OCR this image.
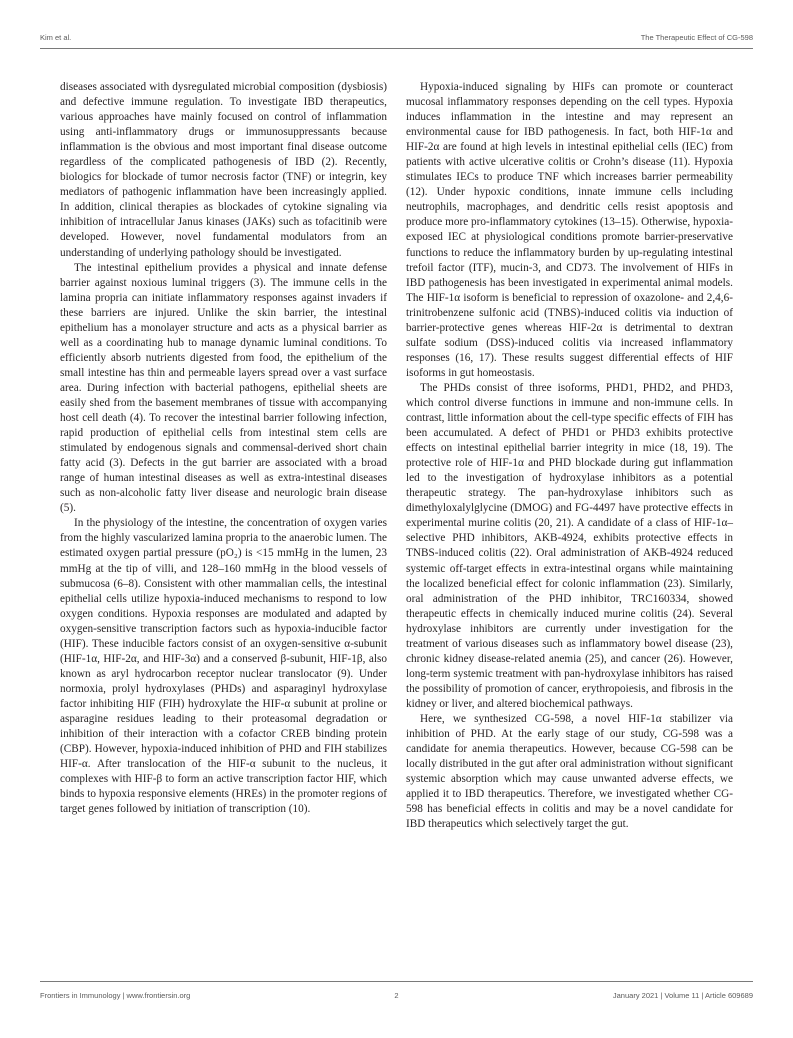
Kim et al.	The Therapeutic Effect of CG-598

diseases associated with dysregulated microbial composition (dysbiosis) and defective immune regulation. To investigate IBD therapeutics, various approaches have mainly focused on control of inflammation using anti-inflammatory drugs or immunosuppressants because inflammation is the obvious and most important final disease outcome regardless of the complicated pathogenesis of IBD (2). Recently, biologics for blockade of tumor necrosis factor (TNF) or integrin, key mediators of pathogenic inflammation have been increasingly applied. In addition, clinical therapies as blockades of cytokine signaling via inhibition of intracellular Janus kinases (JAKs) such as tofacitinib were developed. However, novel fundamental modulators from an understanding of underlying pathology should be investigated.

The intestinal epithelium provides a physical and innate defense barrier against noxious luminal triggers (3). The immune cells in the lamina propria can initiate inflammatory responses against invaders if these barriers are injured. Unlike the skin barrier, the intestinal epithelium has a monolayer structure and acts as a physical barrier as well as a coordinating hub to manage dynamic luminal conditions. To efficiently absorb nutrients digested from food, the epithelium of the small intestine has thin and permeable layers spread over a vast surface area. During infection with bacterial pathogens, epithelial sheets are easily shed from the basement membranes of tissue with accompanying host cell death (4). To recover the intestinal barrier following infection, rapid production of epithelial cells from intestinal stem cells are stimulated by endogenous signals and commensal-derived short chain fatty acid (3). Defects in the gut barrier are associated with a broad range of human intestinal diseases as well as extra-intestinal diseases such as non-alcoholic fatty liver disease and neurologic brain disease (5).

In the physiology of the intestine, the concentration of oxygen varies from the highly vascularized lamina propria to the anaerobic lumen. The estimated oxygen partial pressure (pO₂) is <15 mmHg in the lumen, 23 mmHg at the tip of villi, and 128–160 mmHg in the blood vessels of submucosa (6–8). Consistent with other mammalian cells, the intestinal epithelial cells utilize hypoxia-induced mechanisms to respond to low oxygen conditions. Hypoxia responses are modulated and adapted by oxygen-sensitive transcription factors such as hypoxia-inducible factor (HIF). These inducible factors consist of an oxygen-sensitive α-subunit (HIF-1α, HIF-2α, and HIF-3α) and a conserved β-subunit, HIF-1β, also known as aryl hydrocarbon receptor nuclear translocator (9). Under normoxia, prolyl hydroxylases (PHDs) and asparaginyl hydroxylase factor inhibiting HIF (FIH) hydroxylate the HIF-α subunit at proline or asparagine residues leading to their proteasomal degradation or inhibition of their interaction with a cofactor CREB binding protein (CBP). However, hypoxia-induced inhibition of PHD and FIH stabilizes HIF-α. After translocation of the HIF-α subunit to the nucleus, it complexes with HIF-β to form an active transcription factor HIF, which binds to hypoxia responsive elements (HREs) in the promoter regions of target genes followed by initiation of transcription (10).

Hypoxia-induced signaling by HIFs can promote or counteract mucosal inflammatory responses depending on the cell types. Hypoxia induces inflammation in the intestine and may represent an environmental cause for IBD pathogenesis. In fact, both HIF-1α and HIF-2α are found at high levels in intestinal epithelial cells (IEC) from patients with active ulcerative colitis or Crohn’s disease (11). Hypoxia stimulates IECs to produce TNF which increases barrier permeability (12). Under hypoxic conditions, innate immune cells including neutrophils, macrophages, and dendritic cells resist apoptosis and produce more pro-inflammatory cytokines (13–15). Otherwise, hypoxia-exposed IEC at physiological conditions promote barrier-preservative functions to reduce the inflammatory burden by up-regulating intestinal trefoil factor (ITF), mucin-3, and CD73. The involvement of HIFs in IBD pathogenesis has been investigated in experimental animal models. The HIF-1α isoform is beneficial to repression of oxazolone- and 2,4,6-trinitrobenzene sulfonic acid (TNBS)-induced colitis via induction of barrier-protective genes whereas HIF-2α is detrimental to dextran sulfate sodium (DSS)-induced colitis via increased inflammatory responses (16, 17). These results suggest differential effects of HIF isoforms in gut homeostasis.

The PHDs consist of three isoforms, PHD1, PHD2, and PHD3, which control diverse functions in immune and non-immune cells. In contrast, little information about the cell-type specific effects of FIH has been accumulated. A defect of PHD1 or PHD3 exhibits protective effects on intestinal epithelial barrier integrity in mice (18, 19). The protective role of HIF-1α and PHD blockade during gut inflammation led to the investigation of hydroxylase inhibitors as a potential therapeutic strategy. The pan-hydroxylase inhibitors such as dimethyloxalylglycine (DMOG) and FG-4497 have protective effects in experimental murine colitis (20, 21). A candidate of a class of HIF-1α–selective PHD inhibitors, AKB-4924, exhibits protective effects in TNBS-induced colitis (22). Oral administration of AKB-4924 reduced systemic off-target effects in extra-intestinal organs while maintaining the localized beneficial effect for colonic inflammation (23). Similarly, oral administration of the PHD inhibitor, TRC160334, showed therapeutic effects in chemically induced murine colitis (24). Several hydroxylase inhibitors are currently under investigation for the treatment of various diseases such as inflammatory bowel disease (23), chronic kidney disease-related anemia (25), and cancer (26). However, long-term systemic treatment with pan-hydroxylase inhibitors has raised the possibility of promotion of cancer, erythropoiesis, and fibrosis in the kidney or liver, and altered biochemical pathways.

Here, we synthesized CG-598, a novel HIF-1α stabilizer via inhibition of PHD. At the early stage of our study, CG-598 was a candidate for anemia therapeutics. However, because CG-598 can be locally distributed in the gut after oral administration without significant systemic absorption which may cause unwanted adverse effects, we applied it to IBD therapeutics. Therefore, we investigated whether CG-598 has beneficial effects in colitis and may be a novel candidate for IBD therapeutics which selectively target the gut.

Frontiers in Immunology | www.frontiersin.org	2	January 2021 | Volume 11 | Article 609689
